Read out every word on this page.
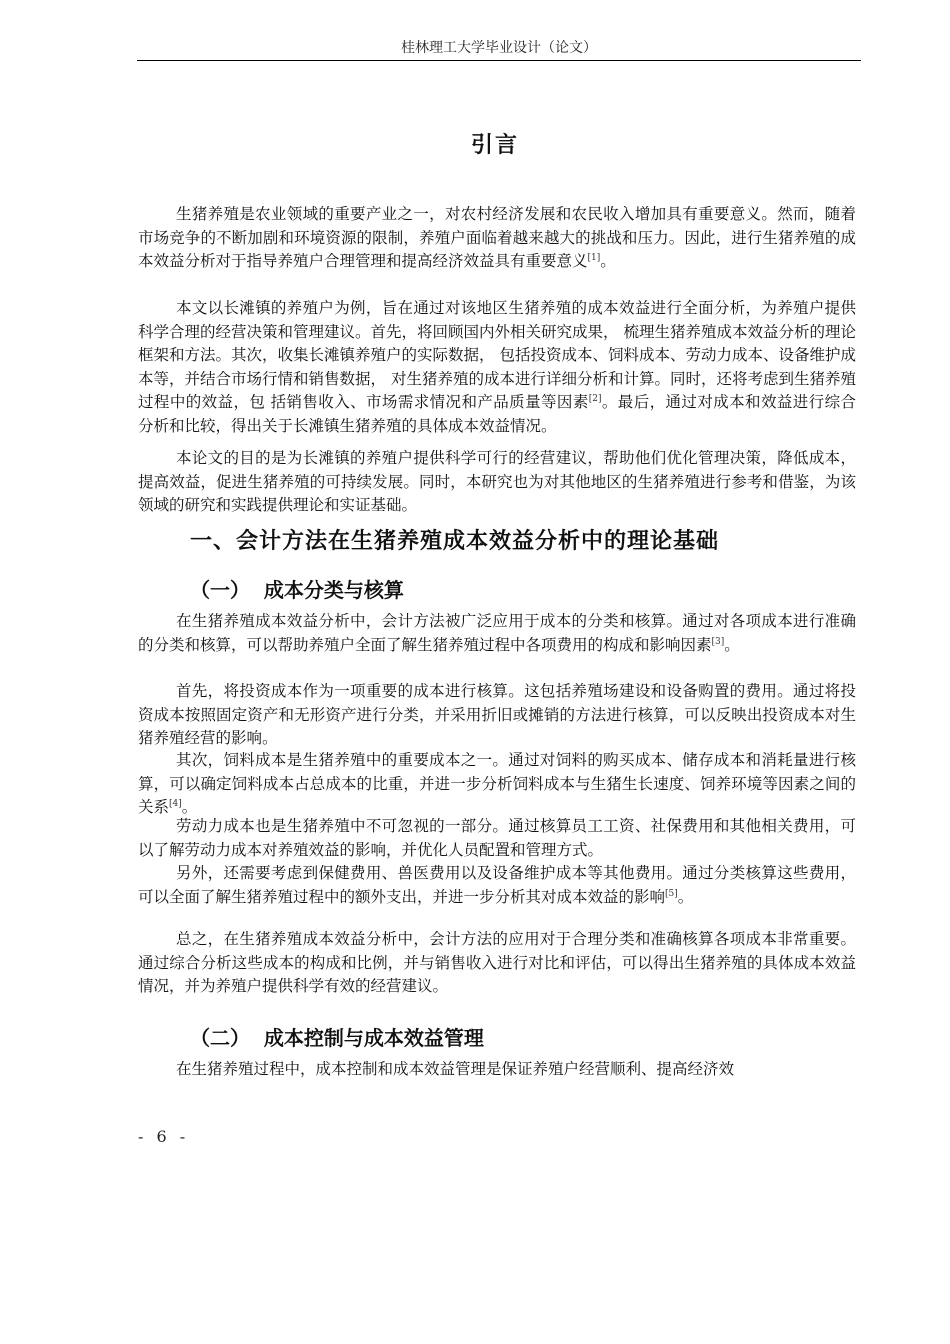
桂林理工大学毕业设计（论文）
引言

生猪养殖是农业领域的重要产业之一，对农村经济发展和农民收入增加具有重要意义。然而，随着市场竞争的不断加剧和环境资源的限制，养殖户面临着越来越大的挑战和压力。因此，进行生猪养殖的成本效益分析对于指导养殖户合理管理和提高经济效益具有重要意义[1]。

本文以长滩镇的养殖户为例，旨在通过对该地区生猪养殖的成本效益进行全面分析，为养殖户提供科学合理的经营决策和管理建议。首先，将回顾国内外相关研究成果， 梳理生猪养殖成本效益分析的理论框架和方法。其次，收集长滩镇养殖户的实际数据， 包括投资成本、饲料成本、劳动力成本、设备维护成本等，并结合市场行情和销售数据， 对生猪养殖的成本进行详细分析和计算。同时，还将考虑到生猪养殖过程中的效益，包 括销售收入、市场需求情况和产品质量等因素[2]。最后，通过对成本和效益进行综合 分析和比较，得出关于长滩镇生猪养殖的具体成本效益情况。

本论文的目的是为长滩镇的养殖户提供科学可行的经营建议，帮助他们优化管理决策，降低成本，提高效益，促进生猪养殖的可持续发展。同时，本研究也为对其他地区的生猪养殖进行参考和借鉴，为该领域的研究和实践提供理论和实证基础。

一、会计方法在生猪养殖成本效益分析中的理论基础
（一）  成本分类与核算

在生猪养殖成本效益分析中，会计方法被广泛应用于成本的分类和核算。通过对各项成本进行准确的分类和核算，可以帮助养殖户全面了解生猪养殖过程中各项费用的构成和影响因素[3]。

首先，将投资成本作为一项重要的成本进行核算。这包括养殖场建设和设备购置的费用。通过将投资成本按照固定资产和无形资产进行分类，并采用折旧或摊销的方法进行核算，可以反映出投资成本对生猪养殖经营的影响。

其次，饲料成本是生猪养殖中的重要成本之一。通过对饲料的购买成本、储存成本和消耗量进行核算，可以确定饲料成本占总成本的比重，并进一步分析饲料成本与生猪生长速度、饲养环境等因素之间的关系[4]。

劳动力成本也是生猪养殖中不可忽视的一部分。通过核算员工工资、社保费用和其他相关费用，可以了解劳动力成本对养殖效益的影响，并优化人员配置和管理方式。

另外，还需要考虑到保健费用、兽医费用以及设备维护成本等其他费用。通过分类核算这些费用，可以全面了解生猪养殖过程中的额外支出，并进一步分析其对成本效益的影响[5]。

总之，在生猪养殖成本效益分析中，会计方法的应用对于合理分类和准确核算各项成本非常重要。通过综合分析这些成本的构成和比例，并与销售收入进行对比和评估，可以得出生猪养殖的具体成本效益情况，并为养殖户提供科学有效的经营建议。

（二）  成本控制与成本效益管理

在生猪养殖过程中，成本控制和成本效益管理是保证养殖户经营顺利、提高经济效

- 6 -
